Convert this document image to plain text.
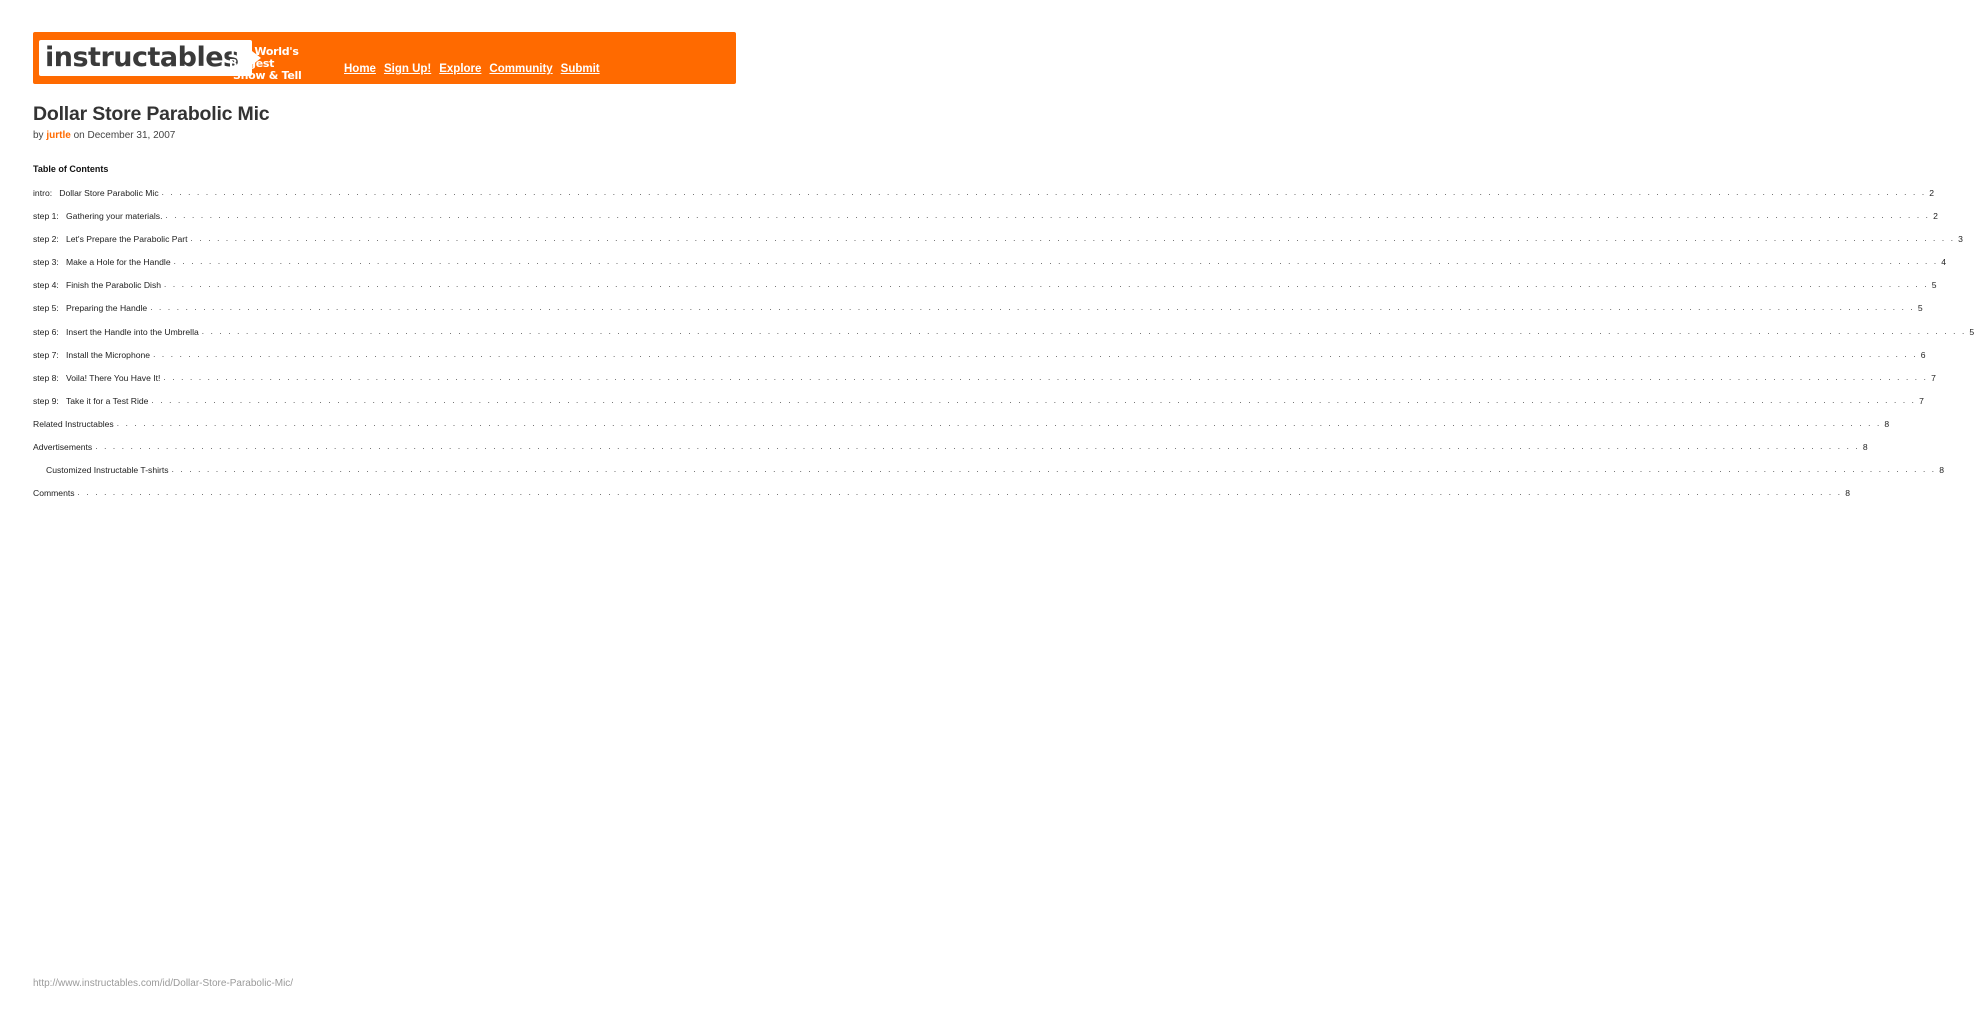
instructables
The World's Biggest
Show & Tell	Home Sign Up! Explore Community Submit
Dollar Store Parabolic Mic
by jurtle on December 31, 2007
Table of Contents
intro: Dollar Store Parabolic Mic . . . . . . . . . . . . . . . . . . . . . . . . . . . . . . . . . . . . . . . . . . . . . . . . . . . . . . . . . . . . . . . . . . . . . . . . . . . . . . . . . . . . . . . . . . . . . . . . . . . . . . . . . . . . . . . . . . . . . . . . . . . . . . . . . . . . . . . . . . . . . . . . . . . . . . . . . . . . . . . . . . . . . . . . . . . . . . . . . . . . . . . . . . . . . . . . . . . . . . . . 2
step 1: Gathering your materials. . . . . . . . . . . . . . . . . . . . . . . . . . . . . . . . . . . . . . . . . . . . . . . . . . . . . . . . . . . . . . . . . . . . . . . . . . . . . . . . . . . . . . . . . . . . . . . . . . . . . . . . . . . . . . . . . . . . . . . . . . . . . . . . . . . . . . . . . . . . . . . . . . . . . . . . . . . . . . . . . . . . . . . . . . . . . . . . . . . . . . . . . . . . . . . . . . . . . . . . . 2
step 2: Let's Prepare the Parabolic Part . . . . . . . . . . . . . . . . . . . . . . . . . . . . . . . . . . . . . . . . . . . . . . . . . . . . . . . . . . . . . . . . . . . . . . . . . . . . . . . . . . . . . . . . . . . . . . . . . . . . . . . . . . . . . . . . . . . . . . . . . . . . . . . . . . . . . . . . . . . . . . . . . . . . . . . . . . . . . . . . . . . . . . . . . . . . . . . . . . . . . . . . . . . . . . . . . . . . . . . . 3
step 3: Make a Hole for the Handle . . . . . . . . . . . . . . . . . . . . . . . . . . . . . . . . . . . . . . . . . . . . . . . . . . . . . . . . . . . . . . . . . . . . . . . . . . . . . . . . . . . . . . . . . . . . . . . . . . . . . . . . . . . . . . . . . . . . . . . . . . . . . . . . . . . . . . . . . . . . . . . . . . . . . . . . . . . . . . . . . . . . . . . . . . . . . . . . . . . . . . . . . . . . . . . . . . . . . . . . 4
step 4: Finish the Parabolic Dish . . . . . . . . . . . . . . . . . . . . . . . . . . . . . . . . . . . . . . . . . . . . . . . . . . . . . . . . . . . . . . . . . . . . . . . . . . . . . . . . . . . . . . . . . . . . . . . . . . . . . . . . . . . . . . . . . . . . . . . . . . . . . . . . . . . . . . . . . . . . . . . . . . . . . . . . . . . . . . . . . . . . . . . . . . . . . . . . . . . . . . . . . . . . . . . . . . . . . . . . 5
step 5: Preparing the Handle . . . . . . . . . . . . . . . . . . . . . . . . . . . . . . . . . . . . . . . . . . . . . . . . . . . . . . . . . . . . . . . . . . . . . . . . . . . . . . . . . . . . . . . . . . . . . . . . . . . . . . . . . . . . . . . . . . . . . . . . . . . . . . . . . . . . . . . . . . . . . . . . . . . . . . . . . . . . . . . . . . . . . . . . . . . . . . . . . . . . . . . . . . . . . . . . . . . . . . . . 5
step 6: Insert the Handle into the Umbrella . . . . . . . . . . . . . . . . . . . . . . . . . . . . . . . . . . . . . . . . . . . . . . . . . . . . . . . . . . . . . . . . . . . . . . . . . . . . . . . . . . . . . . . . . . . . . . . . . . . . . . . . . . . . . . . . . . . . . . . . . . . . . . . . . . . . . . . . . . . . . . . . . . . . . . . . . . . . . . . . . . . . . . . . . . . . . . . . . . . . . . . . . . . . . . . . . . . . . . . . 5
step 7: Install the Microphone . . . . . . . . . . . . . . . . . . . . . . . . . . . . . . . . . . . . . . . . . . . . . . . . . . . . . . . . . . . . . . . . . . . . . . . . . . . . . . . . . . . . . . . . . . . . . . . . . . . . . . . . . . . . . . . . . . . . . . . . . . . . . . . . . . . . . . . . . . . . . . . . . . . . . . . . . . . . . . . . . . . . . . . . . . . . . . . . . . . . . . . . . . . . . . . . . . . . . . . . 6
step 8: Voila! There You Have It! . . . . . . . . . . . . . . . . . . . . . . . . . . . . . . . . . . . . . . . . . . . . . . . . . . . . . . . . . . . . . . . . . . . . . . . . . . . . . . . . . . . . . . . . . . . . . . . . . . . . . . . . . . . . . . . . . . . . . . . . . . . . . . . . . . . . . . . . . . . . . . . . . . . . . . . . . . . . . . . . . . . . . . . . . . . . . . . . . . . . . . . . . . . . . . . . . . . . . . . . 7
step 9: Take it for a Test Ride . . . . . . . . . . . . . . . . . . . . . . . . . . . . . . . . . . . . . . . . . . . . . . . . . . . . . . . . . . . . . . . . . . . . . . . . . . . . . . . . . . . . . . . . . . . . . . . . . . . . . . . . . . . . . . . . . . . . . . . . . . . . . . . . . . . . . . . . . . . . . . . . . . . . . . . . . . . . . . . . . . . . . . . . . . . . . . . . . . . . . . . . . . . . . . . . . . . . . . . . 7
Related Instructables . . . . . . . . . . . . . . . . . . . . . . . . . . . . . . . . . . . . . . . . . . . . . . . . . . . . . . . . . . . . . . . . . . . . . . . . . . . . . . . . . . . . . . . . . . . . . . . . . . . . . . . . . . . . . . . . . . . . . . . . . . . . . . . . . . . . . . . . . . . . . . . . . . . . . . . . . . . . . . . . . . . . . . . . . . . . . . . . . . . . . . . . . . . . . . . . . . . . . . . . 8
Advertisements . . . . . . . . . . . . . . . . . . . . . . . . . . . . . . . . . . . . . . . . . . . . . . . . . . . . . . . . . . . . . . . . . . . . . . . . . . . . . . . . . . . . . . . . . . . . . . . . . . . . . . . . . . . . . . . . . . . . . . . . . . . . . . . . . . . . . . . . . . . . . . . . . . . . . . . . . . . . . . . . . . . . . . . . . . . . . . . . . . . . . . . . . . . . . . . . . . . . . . . . 8
Customized Instructable T-shirts . . . . . . . . . . . . . . . . . . . . . . . . . . . . . . . . . . . . . . . . . . . . . . . . . . . . . . . . . . . . . . . . . . . . . . . . . . . . . . . . . . . . . . . . . . . . . . . . . . . . . . . . . . . . . . . . . . . . . . . . . . . . . . . . . . . . . . . . . . . . . . . . . . . . . . . . . . . . . . . . . . . . . . . . . . . . . . . . . . . . . . . . . . . . . . . . . . . . . . . . 8
Comments . . . . . . . . . . . . . . . . . . . . . . . . . . . . . . . . . . . . . . . . . . . . . . . . . . . . . . . . . . . . . . . . . . . . . . . . . . . . . . . . . . . . . . . . . . . . . . . . . . . . . . . . . . . . . . . . . . . . . . . . . . . . . . . . . . . . . . . . . . . . . . . . . . . . . . . . . . . . . . . . . . . . . . . . . . . . . . . . . . . . . . . . . . . . . . . . . . . . . . . . 8
http://www.instructables.com/id/Dollar-Store-Parabolic-Mic/
